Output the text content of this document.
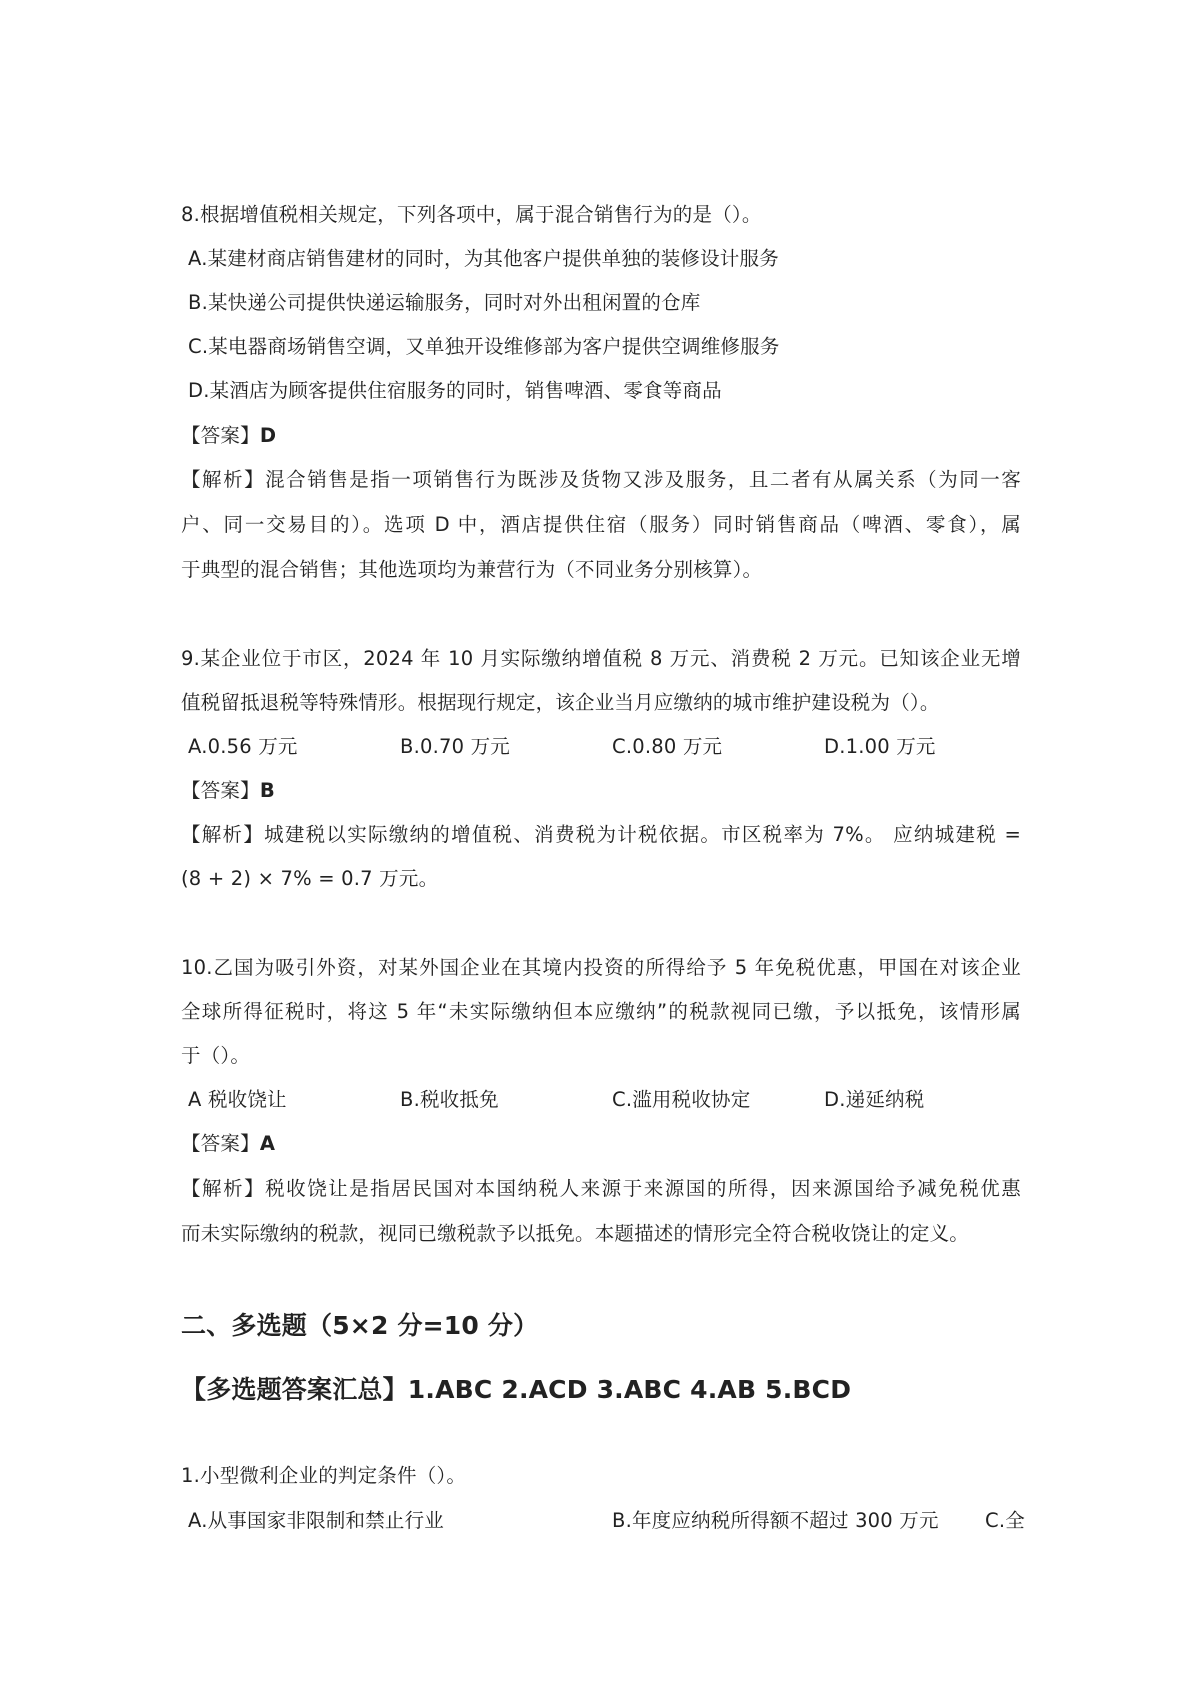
8.根据增值税相关规定，下列各项中，属于混合销售行为的是（）。
A.某建材商店销售建材的同时，为其他客户提供单独的装修设计服务
B.某快递公司提供快递运输服务，同时对外出租闲置的仓库
C.某电器商场销售空调，又单独开设维修部为客户提供空调维修服务
D.某酒店为顾客提供住宿服务的同时，销售啤酒、零食等商品
【答案】D
【解析】混合销售是指一项销售行为既涉及货物又涉及服务，且二者有从属关系（为同一客
户、同一交易目的）。选项 D 中，酒店提供住宿（服务）同时销售商品（啤酒、零食），属
于典型的混合销售；其他选项均为兼营行为（不同业务分别核算）。
9.某企业位于市区，2024 年 10 月实际缴纳增值税 8 万元、消费税 2 万元。已知该企业无增
值税留抵退税等特殊情形。根据现行规定，该企业当月应缴纳的城市维护建设税为（）。
A.0.56 万元	B.0.70 万元	C.0.80 万元	D.1.00 万元
【答案】B
【解析】城建税以实际缴纳的增值税、消费税为计税依据。市区税率为 7%。 应纳城建税 =
(8 + 2) × 7% = 0.7 万元。
10.乙国为吸引外资，对某外国企业在其境内投资的所得给予 5 年免税优惠，甲国在对该企业
全球所得征税时，将这 5 年“未实际缴纳但本应缴纳”的税款视同已缴，予以抵免，该情形属
于（）。
A 税收饶让	B.税收抵免	C.滥用税收协定	D.递延纳税
【答案】A
【解析】税收饶让是指居民国对本国纳税人来源于来源国的所得，因来源国给予减免税优惠
而未实际缴纳的税款，视同已缴税款予以抵免。本题描述的情形完全符合税收饶让的定义。
二、多选题（5×2 分=10 分）
【多选题答案汇总】1.ABC 2.ACD 3.ABC 4.AB 5.BCD
1.小型微利企业的判定条件（）。
A.从事国家非限制和禁止行业	B.年度应纳税所得额不超过 300 万元 C.全
